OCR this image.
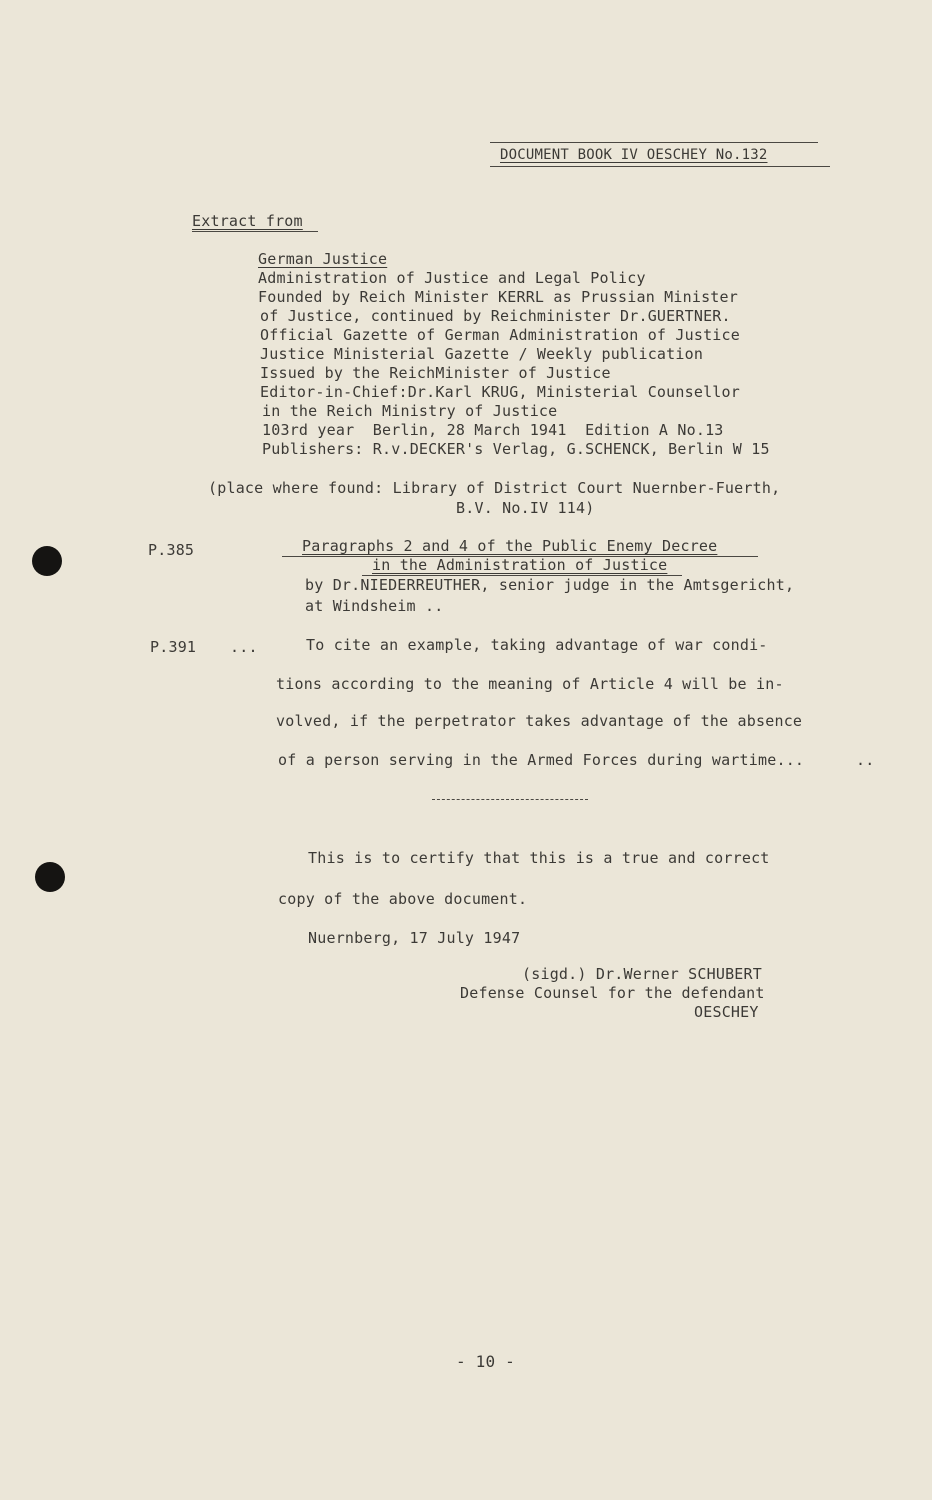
DOCUMENT BOOK IV OESCHEY No.132
Extract from
German Justice
Administration of Justice and Legal Policy
Founded by Reich Minister KERRL as Prussian Minister
of Justice, continued by Reichminister Dr.GUERTNER.
Official Gazette of German Administration of Justice
Justice Ministerial Gazette / Weekly publication
Issued by the ReichMinister of Justice
Editor-in-Chief:Dr.Karl KRUG, Ministerial Counsellor
in the Reich Ministry of Justice
103rd year  Berlin, 28 March 1941  Edition A No.13
Publishers: R.v.DECKER's Verlag, G.SCHENCK, Berlin W 15
(place where found: Library of District Court Nuernber-Fuerth,
B.V. No.IV 114)
P.385	Paragraphs 2 and 4 of the Public Enemy Decree
in the Administration of Justice
by Dr.NIEDERREUTHER, senior judge in the Amtsgericht,
at Windsheim ..
P.391 ...	To cite an example, taking advantage of war condi-
tions according to the meaning of Article 4 will be in-
volved, if the perpetrator takes advantage of the absence
of a person serving in the Armed Forces during wartime...	..
This is to certify that this is a true and correct
copy of the above document.
Nuernberg, 17 July 1947
(sigd.) Dr.Werner SCHUBERT
Defense Counsel for the defendant
OESCHEY
- 10 -
